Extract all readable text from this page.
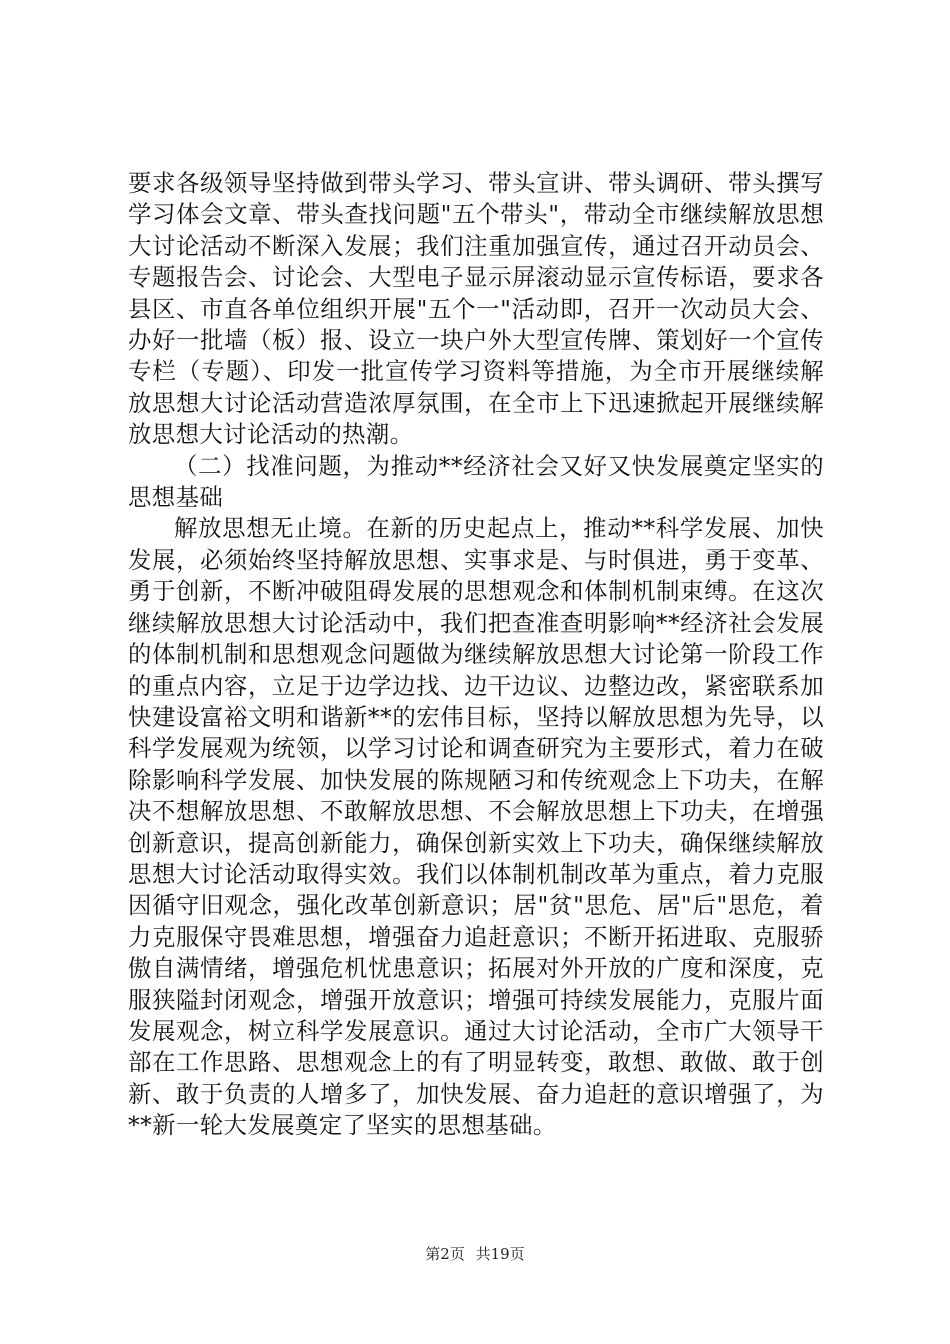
要求各级领导坚持做到带头学习、带头宣讲、带头调研、带头撰写学习体会文章、带头查找问题"五个带头"，带动全市继续解放思想大讨论活动不断深入发展；我们注重加强宣传，通过召开动员会、专题报告会、讨论会、大型电子显示屏滚动显示宣传标语，要求各县区、市直各单位组织开展"五个一"活动即，召开一次动员大会、办好一批墙（板）报、设立一块户外大型宣传牌、策划好一个宣传专栏（专题）、印发一批宣传学习资料等措施，为全市开展继续解放思想大讨论活动营造浓厚氛围，在全市上下迅速掀起开展继续解放思想大讨论活动的热潮。

（二）找准问题，为推动**经济社会又好又快发展奠定坚实的思想基础

解放思想无止境。在新的历史起点上，推动**科学发展、加快发展，必须始终坚持解放思想、实事求是、与时俱进，勇于变革、勇于创新，不断冲破阻碍发展的思想观念和体制机制束缚。在这次继续解放思想大讨论活动中，我们把查准查明影响**经济社会发展的体制机制和思想观念问题做为继续解放思想大讨论第一阶段工作的重点内容，立足于边学边找、边干边议、边整边改，紧密联系加快建设富裕文明和谐新**的宏伟目标，坚持以解放思想为先导，以科学发展观为统领，以学习讨论和调查研究为主要形式，着力在破除影响科学发展、加快发展的陈规陋习和传统观念上下功夫，在解决不想解放思想、不敢解放思想、不会解放思想上下功夫，在增强创新意识，提高创新能力，确保创新实效上下功夫，确保继续解放思想大讨论活动取得实效。我们以体制机制改革为重点，着力克服因循守旧观念，强化改革创新意识；居"贫"思危、居"后"思危，着力克服保守畏难思想，增强奋力追赶意识；不断开拓进取、克服骄傲自满情绪，增强危机忧患意识；拓展对外开放的广度和深度，克服狭隘封闭观念，增强开放意识；增强可持续发展能力，克服片面发展观念，树立科学发展意识。通过大讨论活动，全市广大领导干部在工作思路、思想观念上的有了明显转变，敢想、敢做、敢于创新、敢于负责的人增多了，加快发展、奋力追赶的意识增强了，为**新一轮大发展奠定了坚实的思想基础。

第2页 共19页
